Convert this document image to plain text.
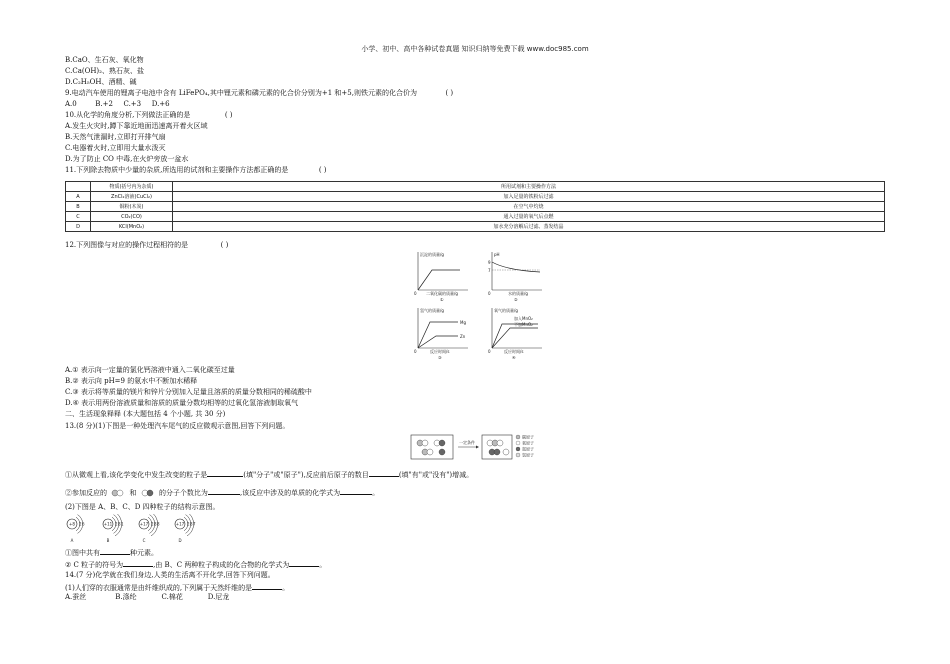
小学、初中、高中各种试卷真题 知识归纳等免费下载 www.doc985.com
B.CaO、生石灰、氧化物
C.Ca(OH)₂、熟石灰、盐
D.C₂H₅OH、酒精、碱
9.电动汽车使用的锂离子电池中含有 LiFePO₄,其中锂元素和磷元素的化合价分别为+1 和+5,则铁元素的化合价为	( )
A.0	B.+2 C.+3 D.+6
10.从化学的角度分析,下列做法正确的是	( )
A.发生火灾时,蹲下靠近地面迅速离开着火区域
B.天然气泄漏时,立即打开排气扇
C.电器着火时,立即用大量水泼灭
D.为了防止 CO 中毒,在火炉旁放一盆水
11.下列除去物质中少量的杂质,所选用的试剂和主要操作方法都正确的是	( )
	物质(括号内为杂质)	所用试剂和主要操作方法
A	ZnCl₂溶液(CuCl₂)	加入足量的铁粉后过滤
B	铜粉(木炭)	在空气中灼烧
C	CO₂(CO)	通入过量的氧气后点燃
D	KCl(MnO₂)	加水充分溶解后过滤、蒸发结晶
12.下列图像与对应的操作过程相符的是	( )
沉淀的质量/g
二氧化碳的质量/g
0
①
pH
9
7
水的质量/g
0
②
氢气的质量/g
Mg
Zn
反应时间/s
0
③
氧气的质量/g
加入MnO₂
不加MnO₂
反应时间/s
0
④
A.① 表示向一定量的氯化钙溶液中通入二氧化碳至过量
B.② 表示向 pH=9 的氨水中不断加水稀释
C.③ 表示将等质量的镁片和锌片分别加入足量且溶质的质量分数相同的稀硫酸中
D.④ 表示用两份溶液质量和溶质的质量分数均相等的过氧化氢溶液制取氧气
二、生活现象释释 (本大题包括 4 个小题, 共 30 分)
13.(8 分)(1)下图是一种处理汽车尾气的反应微观示意图,回答下列问题。
一定条件
碳原子
氧原子
氮原子
氢原子
①从微观上看,该化学变化中发生改变的粒子是	(填"分子"或"原子"),反应前后原子的数目	(填"有"或"没有")增减。
②参加反应的	和	的分子个数比为	,该反应中涉及的单质的化学式为	。
(2)下图是 A、B、C、D 四种粒子的结构示意图。
+8 2 6
A
+11 2 8 1
B
+17 2 8 8
C
+17 2 8 7
D
①图中共有	种元素。
② C 粒子的符号为	,由 B、C 两种粒子构成的化合物的化学式为	。
14.(7 分)化学就在我们身边,人类的生活离不开化学,回答下列问题。
(1)人们穿的衣服通常是由纤维织成的,下列属于天然纤维的是	。
A.蚕丝	B.涤纶	C.棉花	D.尼龙
